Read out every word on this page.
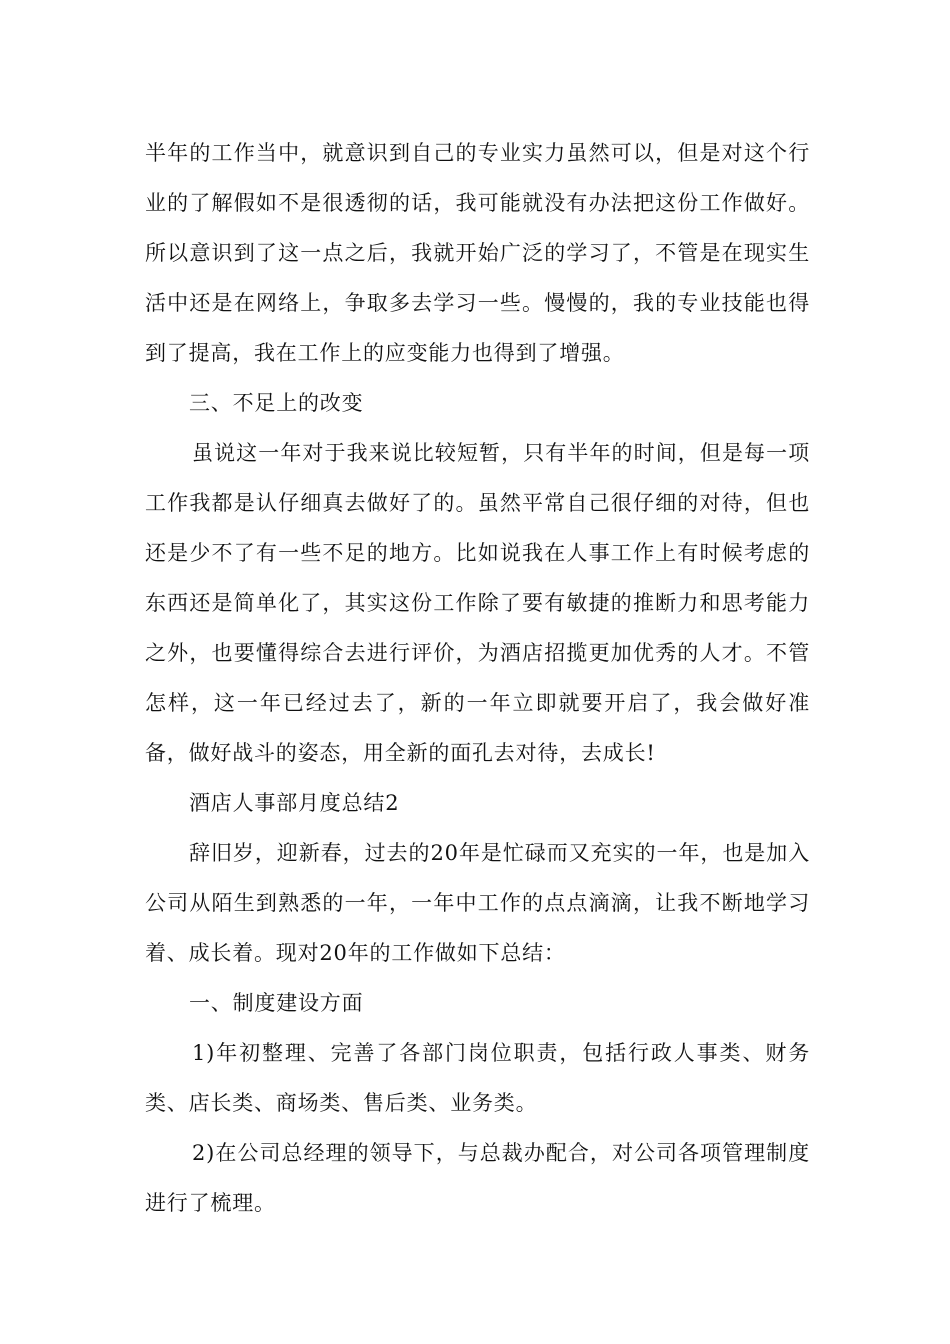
半年的工作当中，就意识到自己的专业实力虽然可以，但是对这个行业的了解假如不是很透彻的话，我可能就没有办法把这份工作做好。所以意识到了这一点之后，我就开始广泛的学习了，不管是在现实生活中还是在网络上，争取多去学习一些。慢慢的，我的专业技能也得到了提高，我在工作上的应变能力也得到了增强。

三、不足上的改变

虽说这一年对于我来说比较短暂，只有半年的时间，但是每一项工作我都是认仔细真去做好了的。虽然平常自己很仔细的对待，但也还是少不了有一些不足的地方。比如说我在人事工作上有时候考虑的东西还是简单化了，其实这份工作除了要有敏捷的推断力和思考能力之外，也要懂得综合去进行评价，为酒店招揽更加优秀的人才。不管怎样，这一年已经过去了，新的一年立即就要开启了，我会做好准备，做好战斗的姿态，用全新的面孔去对待，去成长!

酒店人事部月度总结2

辞旧岁，迎新春，过去的20年是忙碌而又充实的一年，也是加入公司从陌生到熟悉的一年，一年中工作的点点滴滴，让我不断地学习着、成长着。现对20年的工作做如下总结：

一、制度建设方面

1)年初整理、完善了各部门岗位职责，包括行政人事类、财务类、店长类、商场类、售后类、业务类。

2)在公司总经理的领导下，与总裁办配合，对公司各项管理制度进行了梳理。
